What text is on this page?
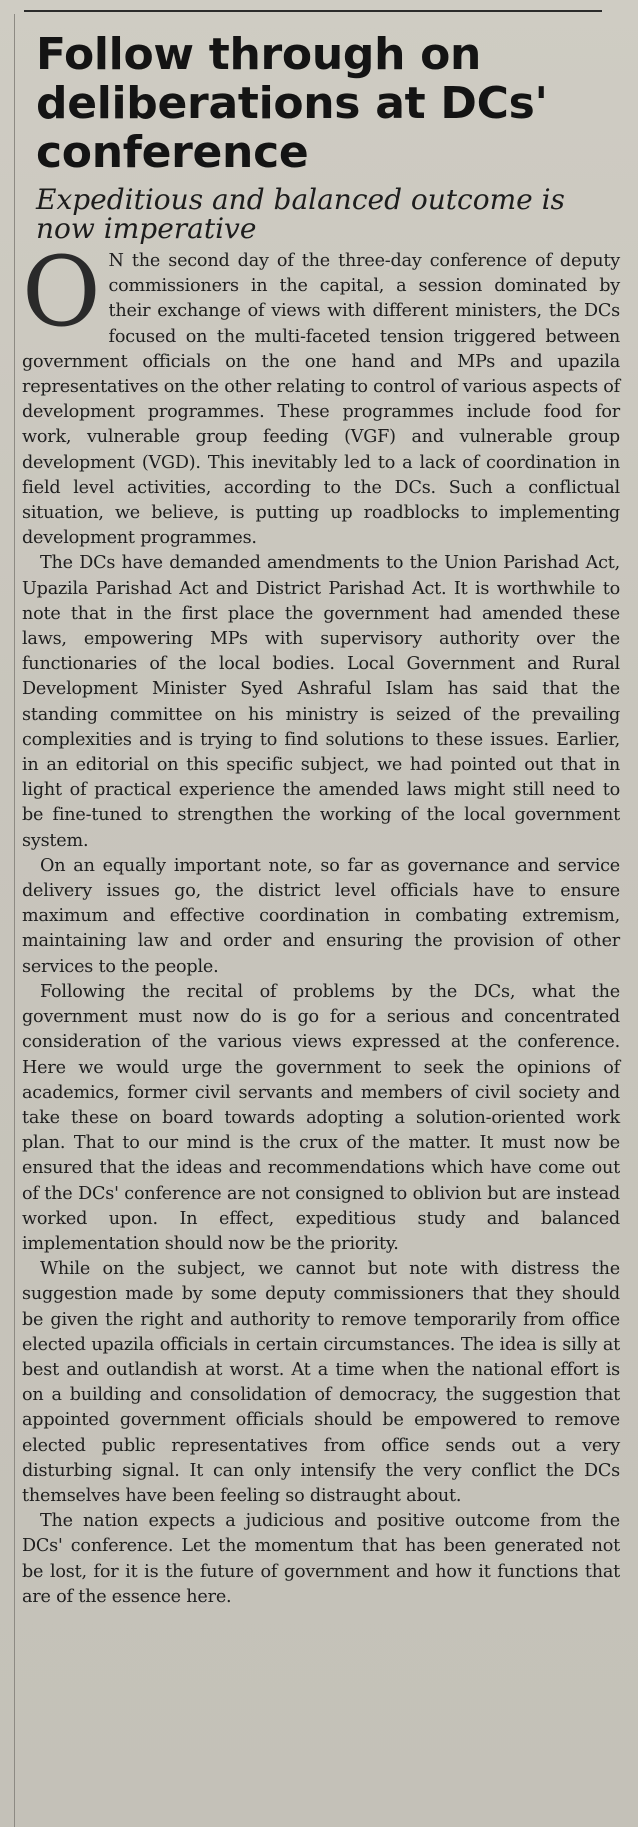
Follow through on deliberations at DCs' conference
Expeditious and balanced outcome is now imperative

O N the second day of the three-day conference of deputy commissioners in the capital, a session dominated by their exchange of views with different ministers, the DCs focused on the multi-faceted tension triggered between government officials on the one hand and MPs and upazila representatives on the other relating to control of various aspects of development programmes. These programmes include food for work, vulnerable group feeding (VGF) and vulnerable group development (VGD). This inevitably led to a lack of coordination in field level activities, according to the DCs. Such a conflictual situation, we believe, is putting up roadblocks to implementing development programmes.

The DCs have demanded amendments to the Union Parishad Act, Upazila Parishad Act and District Parishad Act. It is worthwhile to note that in the first place the government had amended these laws, empowering MPs with supervisory authority over the functionaries of the local bodies. Local Government and Rural Development Minister Syed Ashraful Islam has said that the standing committee on his ministry is seized of the prevailing complexities and is trying to find solutions to these issues. Earlier, in an editorial on this specific subject, we had pointed out that in light of practical experience the amended laws might still need to be fine-tuned to strengthen the working of the local government system.

On an equally important note, so far as governance and service delivery issues go, the district level officials have to ensure maximum and effective coordination in combating extremism, maintaining law and order and ensuring the provision of other services to the people.

Following the recital of problems by the DCs, what the government must now do is go for a serious and concentrated consideration of the various views expressed at the conference. Here we would urge the government to seek the opinions of academics, former civil servants and members of civil society and take these on board towards adopting a solution-oriented work plan. That to our mind is the crux of the matter. It must now be ensured that the ideas and recommendations which have come out of the DCs' conference are not consigned to oblivion but are instead worked upon. In effect, expeditious study and balanced implementation should now be the priority.

While on the subject, we cannot but note with distress the suggestion made by some deputy commissioners that they should be given the right and authority to remove temporarily from office elected upazila officials in certain circumstances. The idea is silly at best and outlandish at worst. At a time when the national effort is on a building and consolidation of democracy, the suggestion that appointed government officials should be empowered to remove elected public representatives from office sends out a very disturbing signal. It can only intensify the very conflict the DCs themselves have been feeling so distraught about.

The nation expects a judicious and positive outcome from the DCs' conference. Let the momentum that has been generated not be lost, for it is the future of government and how it functions that are of the essence here.
